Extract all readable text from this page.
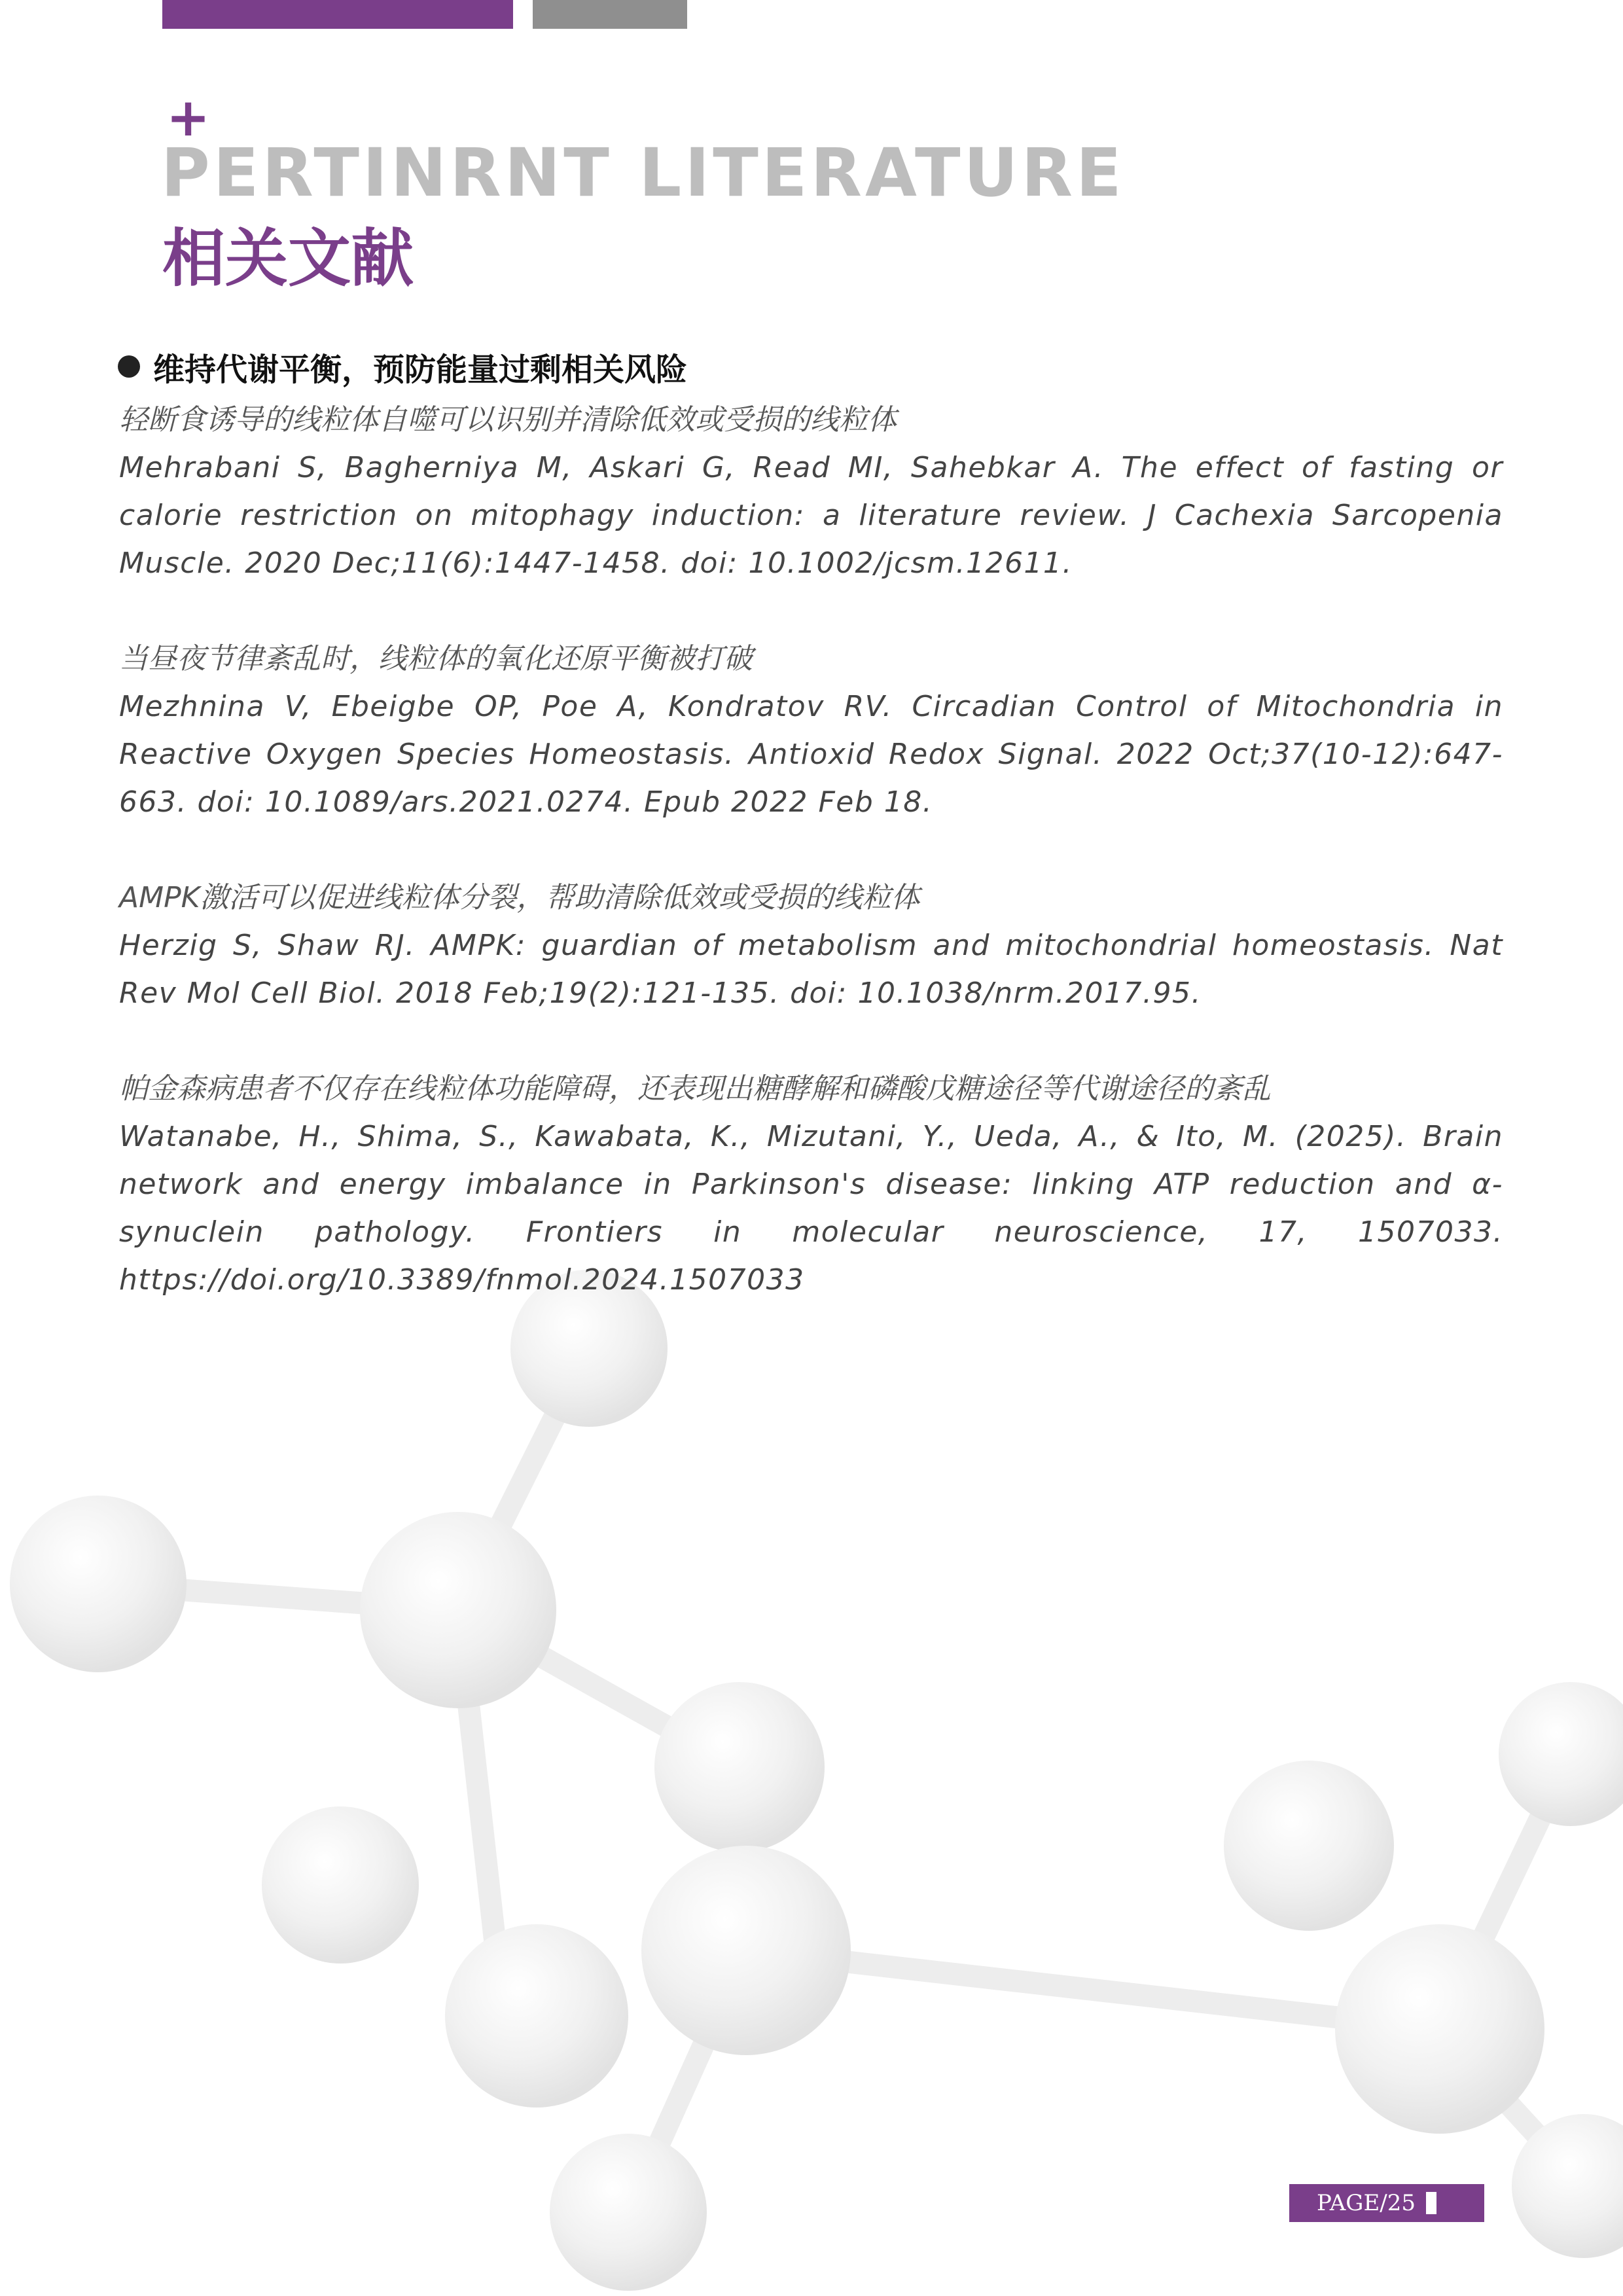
+
PERTINRNT LITERATURE
相关文献
维持代谢平衡，预防能量过剩相关风险
轻断食诱导的线粒体自噬可以识别并清除低效或受损的线粒体
Mehrabani S, Bagherniya M, Askari G, Read MI, Sahebkar A. The effect of fasting or calorie restriction on mitophagy induction: a literature review. J Cachexia Sarcopenia Muscle. 2020 Dec;11(6):1447-1458. doi: 10.1002/jcsm.12611.
当昼夜节律紊乱时，线粒体的氧化还原平衡被打破
Mezhnina V, Ebeigbe OP, Poe A, Kondratov RV. Circadian Control of Mitochondria in Reactive Oxygen Species Homeostasis. Antioxid Redox Signal. 2022 Oct;37(10-12):647-663. doi: 10.1089/ars.2021.0274. Epub 2022 Feb 18.
AMPK激活可以促进线粒体分裂，帮助清除低效或受损的线粒体
Herzig S, Shaw RJ. AMPK: guardian of metabolism and mitochondrial homeostasis. Nat Rev Mol Cell Biol. 2018 Feb;19(2):121-135. doi: 10.1038/nrm.2017.95.
帕金森病患者不仅存在线粒体功能障碍，还表现出糖酵解和磷酸戊糖途径等代谢途径的紊乱
Watanabe, H., Shima, S., Kawabata, K., Mizutani, Y., Ueda, A., & Ito, M. (2025). Brain network and energy imbalance in Parkinson's disease: linking ATP reduction and α-synuclein pathology. Frontiers in molecular neuroscience, 17, 1507033. https://doi.org/10.3389/fnmol.2024.1507033
PAGE/25
